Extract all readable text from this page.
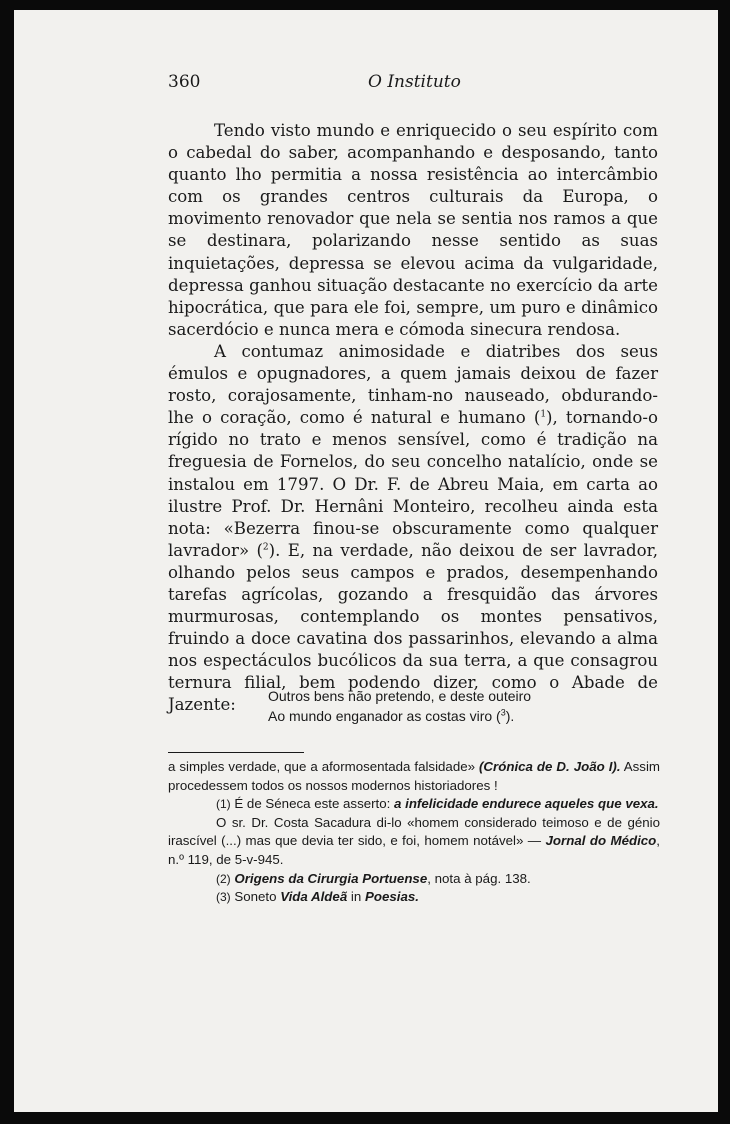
360	O Instituto

Tendo visto mundo e enriquecido o seu espírito com o cabedal do saber, acompanhando e desposando, tanto quanto lho permitia a nossa resistência ao intercâmbio com os grandes centros culturais da Europa, o movimento renovador que nela se sentia nos ramos a que se destinara, polarizando nesse sentido as suas inquietações, depressa se elevou acima da vulgaridade, depressa ganhou situação destacante no exercício da arte hipocrática, que para ele foi, sempre, um puro e dinâmico sacerdócio e nunca mera e cómoda sinecura rendosa.

A contumaz animosidade e diatribes dos seus émulos e opugnadores, a quem jamais deixou de fazer rosto, corajosamente, tinham-no nauseado, obdurando-lhe o coração, como é natural e humano ($^1$), tornando-o rígido no trato e menos sensível, como é tradição na freguesia de Fornelos, do seu concelho natalício, onde se instalou em 1797. O Dr. F. de Abreu Maia, em carta ao ilustre Prof. Dr. Hernâni Monteiro, recolheu ainda esta nota: «Bezerra finou-se obscuramente como qualquer lavrador» ($^2$). E, na verdade, não deixou de ser lavrador, olhando pelos seus campos e prados, desempenhando tarefas agrícolas, gozando a fresquidão das árvores murmurosas, contemplando os montes pensativos, fruindo a doce cavatina dos passarinhos, elevando a alma nos espectáculos bucólicos da sua terra, a que consagrou ternura filial, bem podendo dizer, como o Abade de Jazente:	Outros bens não pretendo, e deste outeiro
Ao mundo enganador as costas viro ($^3$).

a simples verdade, que a aformosentada falsidade» (Crónica de D. João I). Assim procedessem todos os nossos modernos historiadores !

(1) É de Séneca este asserto: a infelicidade endurece aqueles que vexa.

O sr. Dr. Costa Sacadura di-lo «homem considerado teimoso e de génio irascível (...) mas que devia ter sido, e foi, homem notável» — Jornal do Médico, n.º 119, de 5-v-945.

(2) Origens da Cirurgia Portuense, nota à pág. 138.

(3) Soneto Vida Aldeã in Poesias.
